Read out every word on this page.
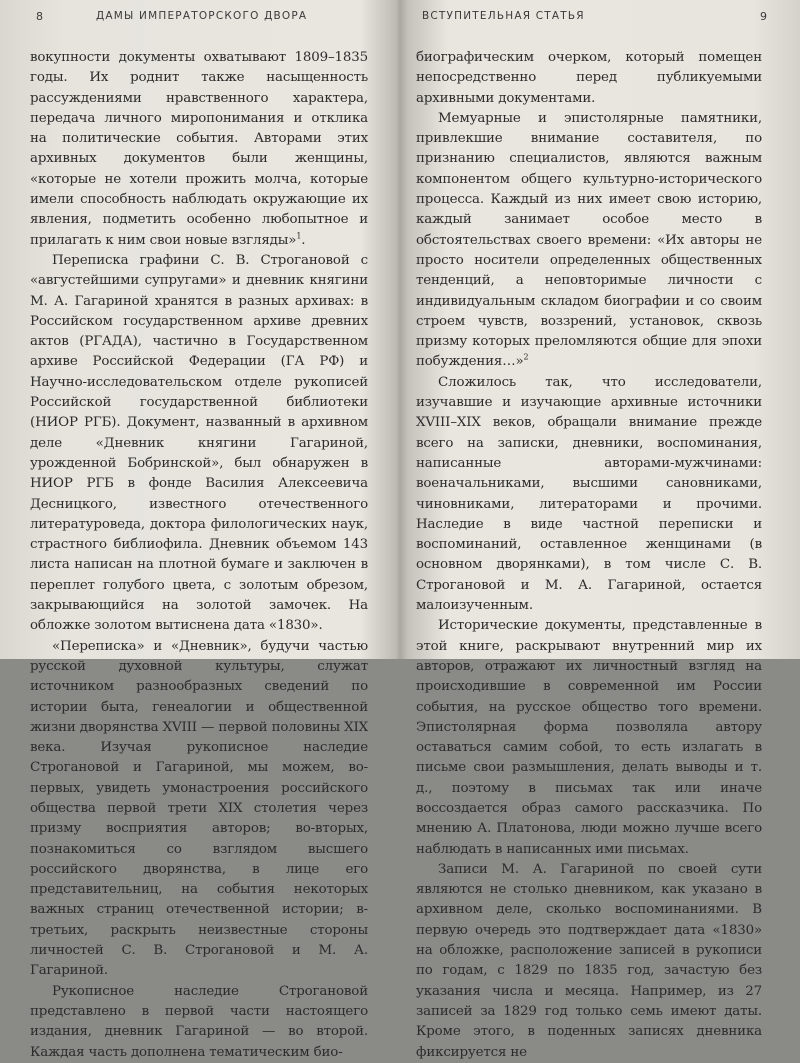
8	ДАМЫ ИМПЕРАТОРСКОГО ДВОРА

вокупности документы охватывают 1809–1835 годы. Их роднит также насыщенность рассуждениями нравственного характера, передача личного миропонимания и отклика на политические события. Авторами этих архивных документов были женщины, «которые не хотели прожить молча, которые имели способность наблюдать окружающие их явления, подметить особенно любопытное и прилагать к ним свои новые взгляды»$^1$.

Переписка графини С. В. Строгановой с «августейшими супругами» и дневник княгини М. А. Гагариной хранятся в разных архивах: в Российском государственном архиве древних актов (РГАДА), частично в Государственном архиве Российской Федерации (ГА РФ) и Научно-исследовательском отделе рукописей Российской государственной библиотеки (НИОР РГБ). Документ, названный в архивном деле «Дневник княгини Гагариной, урожденной Бобринской», был обнаружен в НИОР РГБ в фонде Василия Алексеевича Десницкого, известного отечественного литературоведа, доктора филологических наук, страстного библиофила. Дневник объемом 143 листа написан на плотной бумаге и заключен в переплет голубого цвета, с золотым обрезом, закрывающийся на золотой замочек. На обложке золотом вытиснена дата «1830».

«Переписка» и «Дневник», будучи частью русской духовной культуры, служат источником разнообразных сведений по истории быта, генеалогии и общественной жизни дворянства XVIII — первой половины XIX века. Изучая рукописное наследие Строгановой и Гагариной, мы можем, во-первых, увидеть умонастроения российского общества первой трети XIX столетия через призму восприятия авторов; во-вторых, познакомиться со взглядом высшего российского дворянства, в лице его представительниц, на события некоторых важных страниц отечественной истории; в-третьих, раскрыть неизвестные стороны личностей С. В. Строгановой и М. А. Гагариной.

Рукописное наследие Строгановой представлено в первой части настоящего издания, дневник Гагариной — во второй. Каждая часть дополнена тематическим био-

ВСТУПИТЕЛЬНАЯ СТАТЬЯ	9

биографическим очерком, который помещен непосредственно перед публикуемыми архивными документами.

Мемуарные и эпистолярные памятники, привлекшие внимание составителя, по признанию специалистов, являются важным компонентом общего культурно-исторического процесса. Каждый из них имеет свою историю, каждый занимает особое место в обстоятельствах своего времени: «Их авторы не просто носители определенных общественных тенденций, а неповторимые личности с индивидуальным складом биографии и со своим строем чувств, воззрений, установок, сквозь призму которых преломляются общие для эпохи побуждения…»$^2$

Сложилось так, что исследователи, изучавшие и изучающие архивные источники XVIII–XIX веков, обращали внимание прежде всего на записки, дневники, воспоминания, написанные авторами-мужчинами: военачальниками, высшими сановниками, чиновниками, литераторами и прочими. Наследие в виде частной переписки и воспоминаний, оставленное женщинами (в основном дворянками), в том числе С. В. Строгановой и М. А. Гагариной, остается малоизученным.

Исторические документы, представленные в этой книге, раскрывают внутренний мир их авторов, отражают их личностный взгляд на происходившие в современной им России события, на русское общество того времени. Эпистолярная форма позволяла автору оставаться самим собой, то есть излагать в письме свои размышления, делать выводы и т. д., поэтому в письмах так или иначе воссоздается образ самого рассказчика. По мнению А. Платонова, люди можно лучше всего наблюдать в написанных ими письмах.

Записи М. А. Гагариной по своей сути являются не столько дневником, как указано в архивном деле, сколько воспоминаниями. В первую очередь это подтверждает дата «1830» на обложке, расположение записей в рукописи по годам, с 1829 по 1835 год, зачастую без указания числа и месяца. Например, из 27 записей за 1829 год только семь имеют даты. Кроме этого, в поденных записях дневника фиксируется не
